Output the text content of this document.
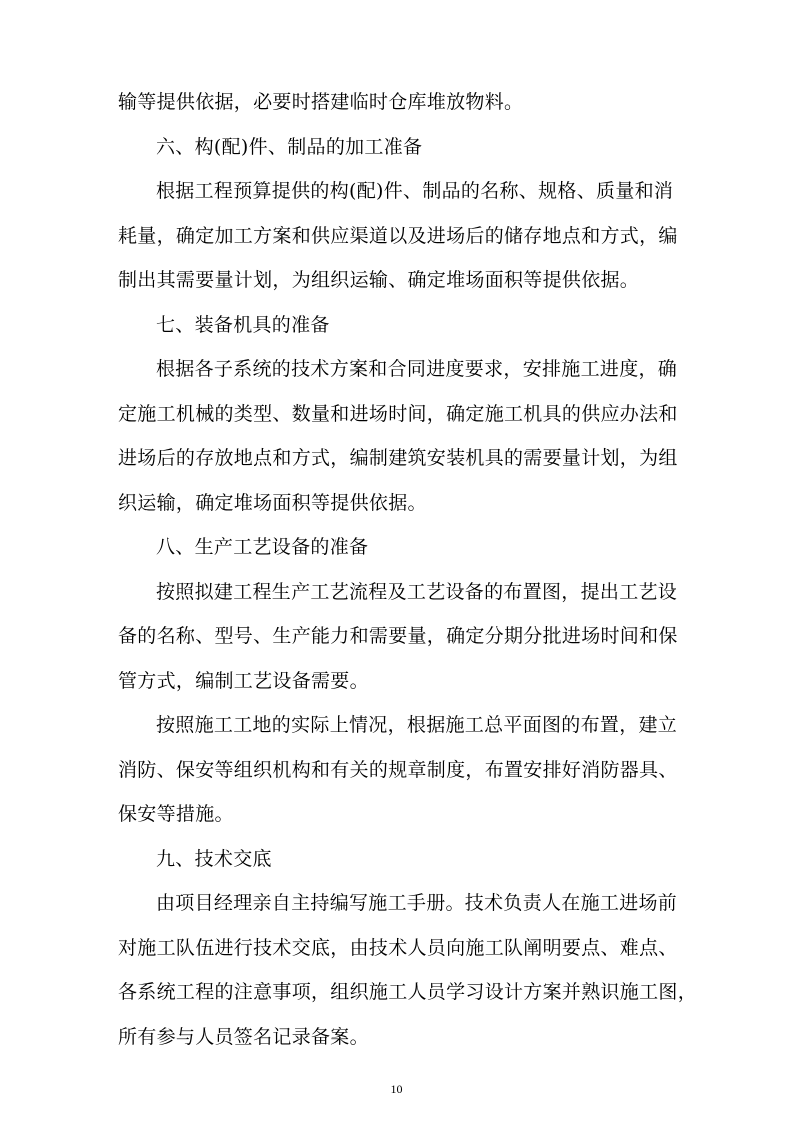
输等提供依据，必要时搭建临时仓库堆放物料。
六、构(配)件、制品的加工准备
根据工程预算提供的构(配)件、制品的名称、规格、质量和消
耗量，确定加工方案和供应渠道以及进场后的储存地点和方式，编
制出其需要量计划，为组织运输、确定堆场面积等提供依据。
七、装备机具的准备
根据各子系统的技术方案和合同进度要求，安排施工进度，确
定施工机械的类型、数量和进场时间，确定施工机具的供应办法和
进场后的存放地点和方式，编制建筑安装机具的需要量计划，为组
织运输，确定堆场面积等提供依据。
八、生产工艺设备的准备
按照拟建工程生产工艺流程及工艺设备的布置图，提出工艺设
备的名称、型号、生产能力和需要量，确定分期分批进场时间和保
管方式，编制工艺设备需要。
按照施工工地的实际上情况，根据施工总平面图的布置，建立
消防、保安等组织机构和有关的规章制度，布置安排好消防器具、
保安等措施。
九、技术交底
由项目经理亲自主持编写施工手册。技术负责人在施工进场前
对施工队伍进行技术交底，由技术人员向施工队阐明要点、难点、
各系统工程的注意事项，组织施工人员学习设计方案并熟识施工图，
所有参与人员签名记录备案。
10
